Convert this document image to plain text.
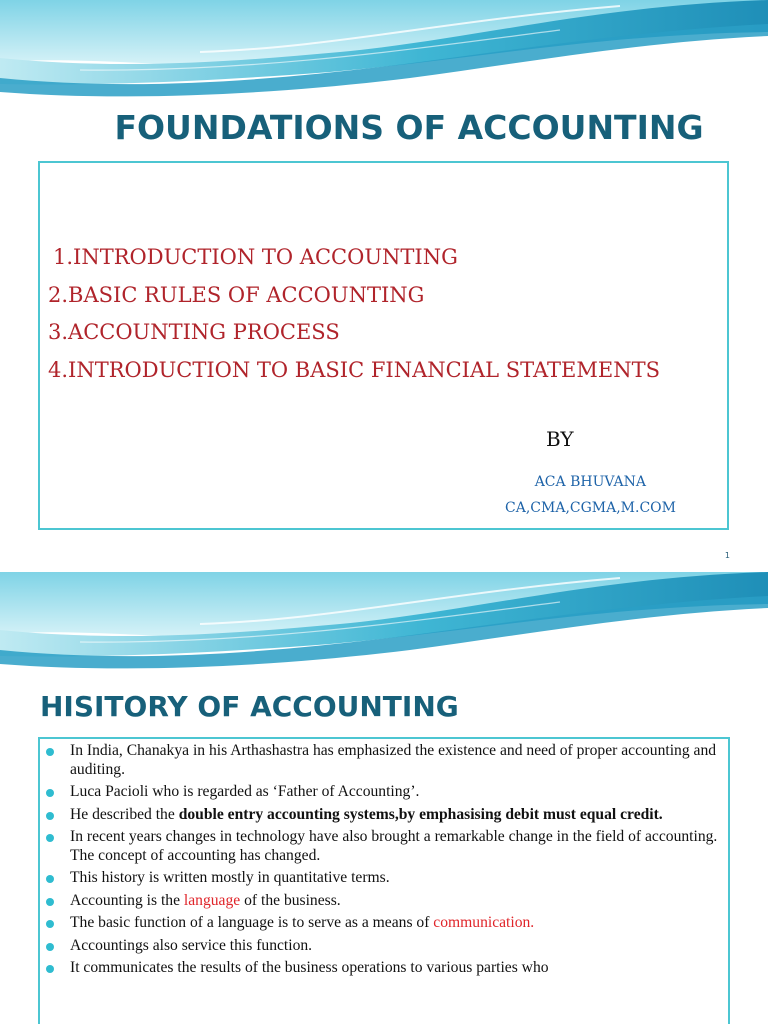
FOUNDATIONS OF ACCOUNTING
1.INTRODUCTION TO ACCOUNTING
2.BASIC RULES OF ACCOUNTING
3.ACCOUNTING PROCESS
4.INTRODUCTION TO BASIC FINANCIAL STATEMENTS
BY
ACA BHUVANA
CA,CMA,CGMA,M.COM
1
HISITORY OF ACCOUNTING
In India, Chanakya in his Arthashastra has emphasized the existence and need of proper accounting and auditing.
Luca Pacioli who is regarded as ‘Father of Accounting’.
He described the double entry accounting systems,by emphasising debit must equal credit.
In recent years changes in technology have also brought a remarkable change in the field of accounting. The concept of accounting has changed.
This history is written mostly in quantitative terms.
Accounting is the language of the business.
The basic function of a language is to serve as a means of communication.
Accountings also service this function.
It communicates the results of the business operations to various parties who
